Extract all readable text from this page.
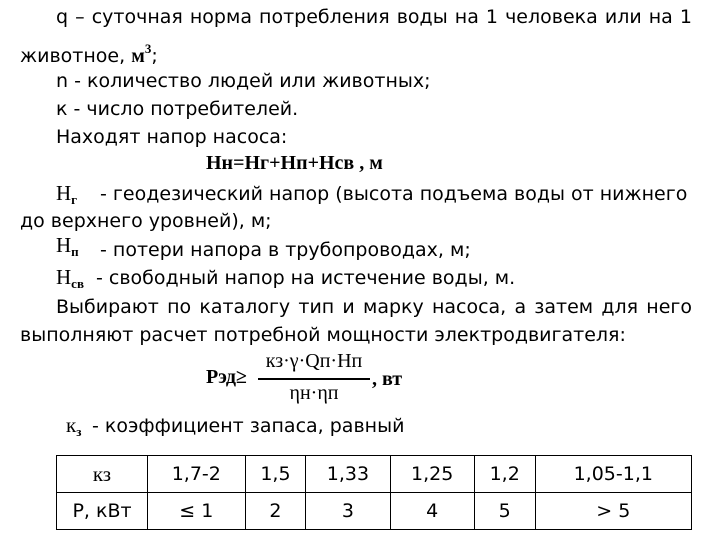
q – суточная норма потребления воды на 1 человека или на 1
животное, $м^3$;
n - количество людей или животных;
к - число потребителей.
Находят напор насоса:
Hн=Hг+Hп+Hсв , м
$H_г$ - геодезический напор (высота подъема воды от нижнего
до верхнего уровней), м;
$H_п$ - потери напора в трубопроводах, м;
$H_{св}$ - свободный напор на истечение воды, м.
Выбирают по каталогу тип и марку насоса, а затем для него
выполняют расчет потребной мощности электродвигателя:
Pэд≥
кз·γ·Qп·Hп
ηн·ηп
, вт
$к_з$ - коэффициент запаса, равный
кз	1,7-2	1,5	1,33	1,25	1,2	1,05-1,1
Р, кВт	≤ 1	2	3	4	5	> 5
